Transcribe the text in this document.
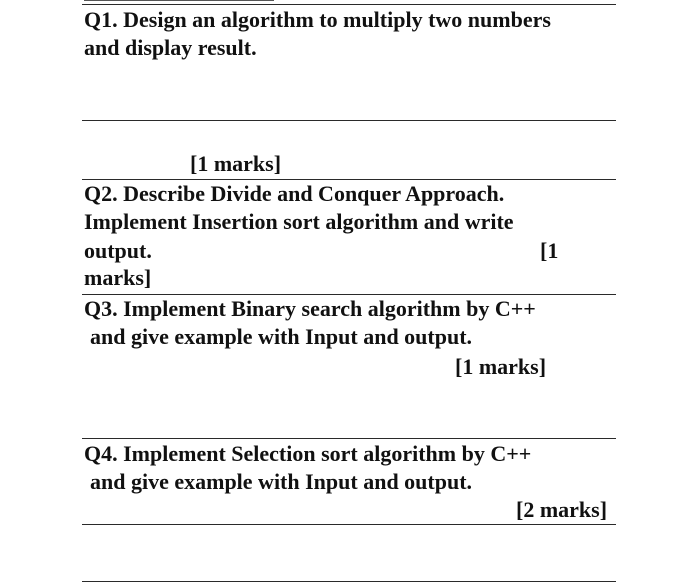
Q1. Design an algorithm to multiply two numbers
and display result.
[1 marks]
Q2. Describe Divide and Conquer Approach.
Implement Insertion sort algorithm and write
output.	[1
marks]
Q3. Implement Binary search algorithm by C++
and give example with Input and output.
[1 marks]
Q4. Implement Selection sort algorithm by C++
and give example with Input and output.
[2 marks]
